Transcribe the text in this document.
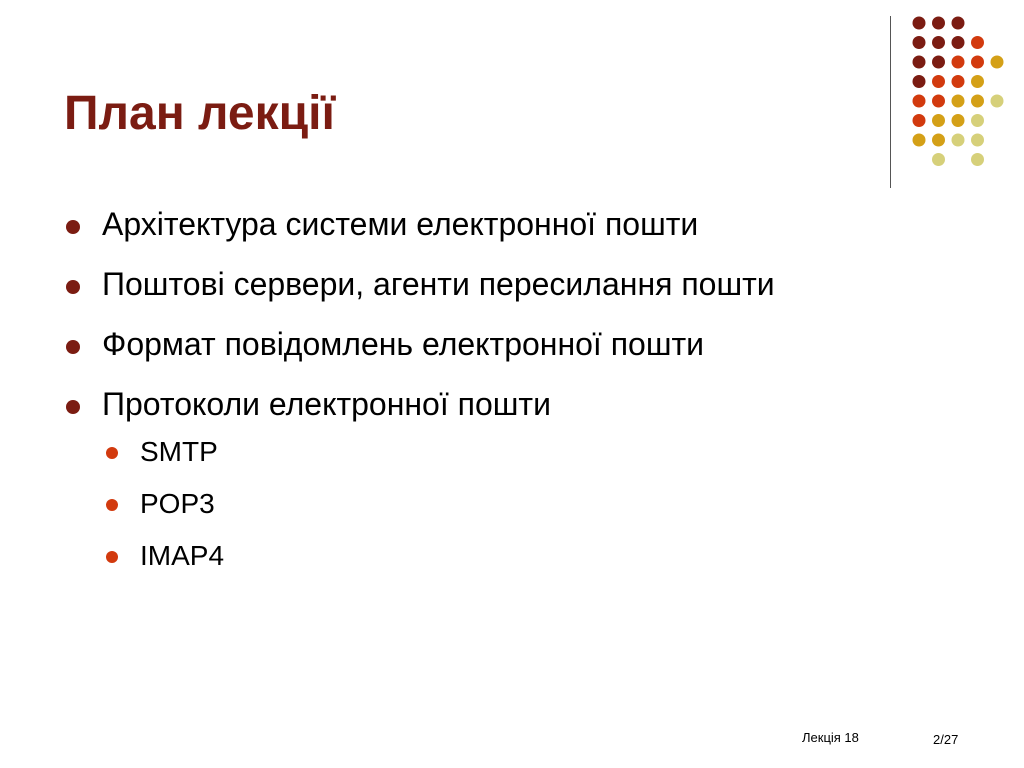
План лекції
Архітектура системи електронної пошти
Поштові сервери, агенти пересилання пошти
Формат повідомлень електронної пошти
Протоколи електронної пошти
SMTP
POP3
IMAP4
Лекція 18	2/27
